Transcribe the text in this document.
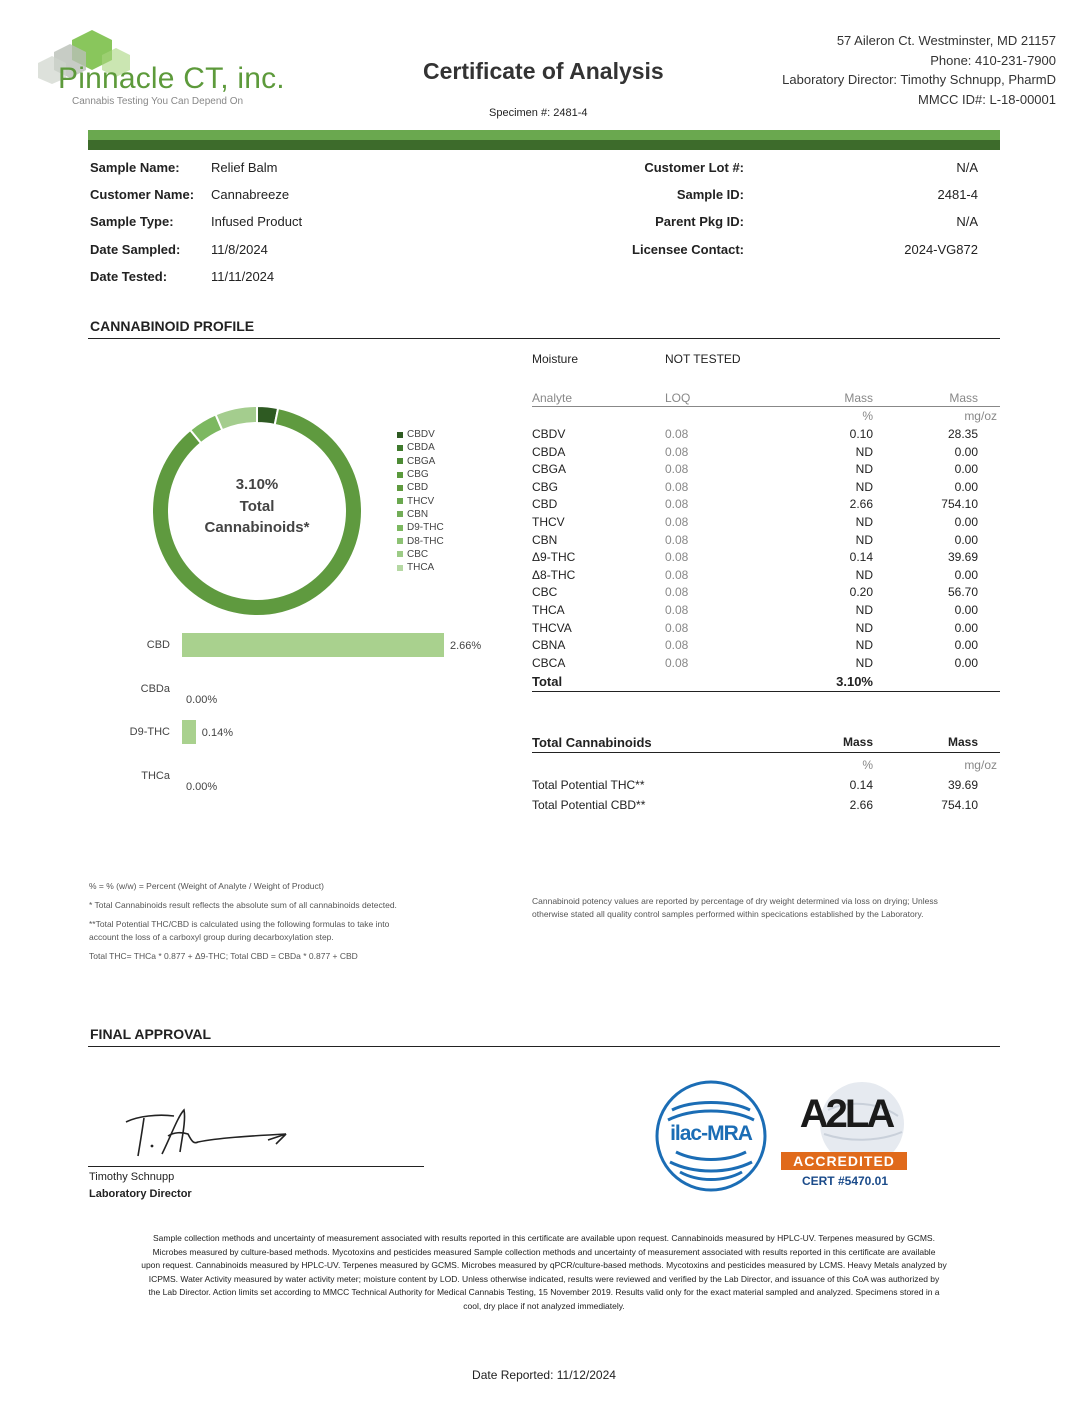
Pinnacle CT, inc.
Cannabis Testing You Can Depend On
Certificate of Analysis
Specimen #: 2481-4
57 Aileron Ct. Westminster, MD 21157
Phone: 410-231-7900
Laboratory Director: Timothy Schnupp, PharmD
MMCC ID#: L-18-00001
Sample Name: Relief Balm
Customer Name: Cannabreeze
Sample Type:	Infused Product
Date Sampled: 11/8/2024
Date Tested:	11/11/2024
Customer Lot #:	N/A
Sample ID:	2481-4
Parent Pkg ID:	N/A
Licensee Contact:	2024-VG872
CANNABINOID PROFILE
3.10%
Total
Cannabinoids*
CBDV
CBDA
CBGA
CBG
CBD
THCV
CBN
D9-THC
D8-THC
CBC
THCA
CBD	2.66%
CBDa
0.00%
D9-THC	0.14%
THCa
0.00%
Moisture	NOT TESTED
Analyte	LOQ	Mass	Mass
%	mg/oz
CBDV	0.08	0.10	28.35
CBDA	0.08	ND	0.00
CBGA	0.08	ND	0.00
CBG	0.08	ND	0.00
CBD	0.08	2.66	754.10
THCV	0.08	ND	0.00
CBN	0.08	ND	0.00
Δ9-THC	0.08	0.14	39.69
Δ8-THC	0.08	ND	0.00
CBC	0.08	0.20	56.70
THCA	0.08	ND	0.00
THCVA	0.08	ND	0.00
CBNA	0.08	ND	0.00
CBCA	0.08	ND	0.00
Total	3.10%
Total Cannabinoids	Mass	Mass
%	mg/oz
Total Potential THC**	0.14	39.69
Total Potential CBD**	2.66	754.10
% = % (w/w) = Percent (Weight of Analyte / Weight of Product)
* Total Cannabinoids result reflects the absolute sum of all cannabinoids detected.
**Total Potential THC/CBD is calculated using the following formulas to take into
account the loss of a carboxyl group during decarboxylation step.
Total THC= THCa * 0.877 + Δ9-THC; Total CBD = CBDa * 0.877 + CBD
Cannabinoid potency values are reported by percentage of dry weight determined via loss on drying; Unless
otherwise stated all quality control samples performed within specications established by the Laboratory.
FINAL APPROVAL
Timothy Schnupp
Laboratory Director
ilac-MRA	A2LA
ACCREDITED
CERT #5470.01
Sample collection methods and uncertainty of measurement associated with results reported in this certificate are available upon request. Cannabinoids measured by HPLC-UV. Terpenes measured by GCMS.
Microbes measured by culture-based methods. Mycotoxins and pesticides measured Sample collection methods and uncertainty of measurement associated with results reported in this certificate are available
upon request. Cannabinoids measured by HPLC-UV. Terpenes measured by GCMS. Microbes measured by qPCR/culture-based methods. Mycotoxins and pesticides measured by LCMS. Heavy Metals analyzed by
ICPMS. Water Activity measured by water activity meter; moisture content by LOD. Unless otherwise indicated, results were reviewed and verified by the Lab Director, and issuance of this CoA was authorized by
the Lab Director. Action limits set according to MMCC Technical Authority for Medical Cannabis Testing, 15 November 2019. Results valid only for the exact material sampled and analyzed. Specimens stored in a
cool, dry place if not analyzed immediately.
Date Reported: 11/12/2024
